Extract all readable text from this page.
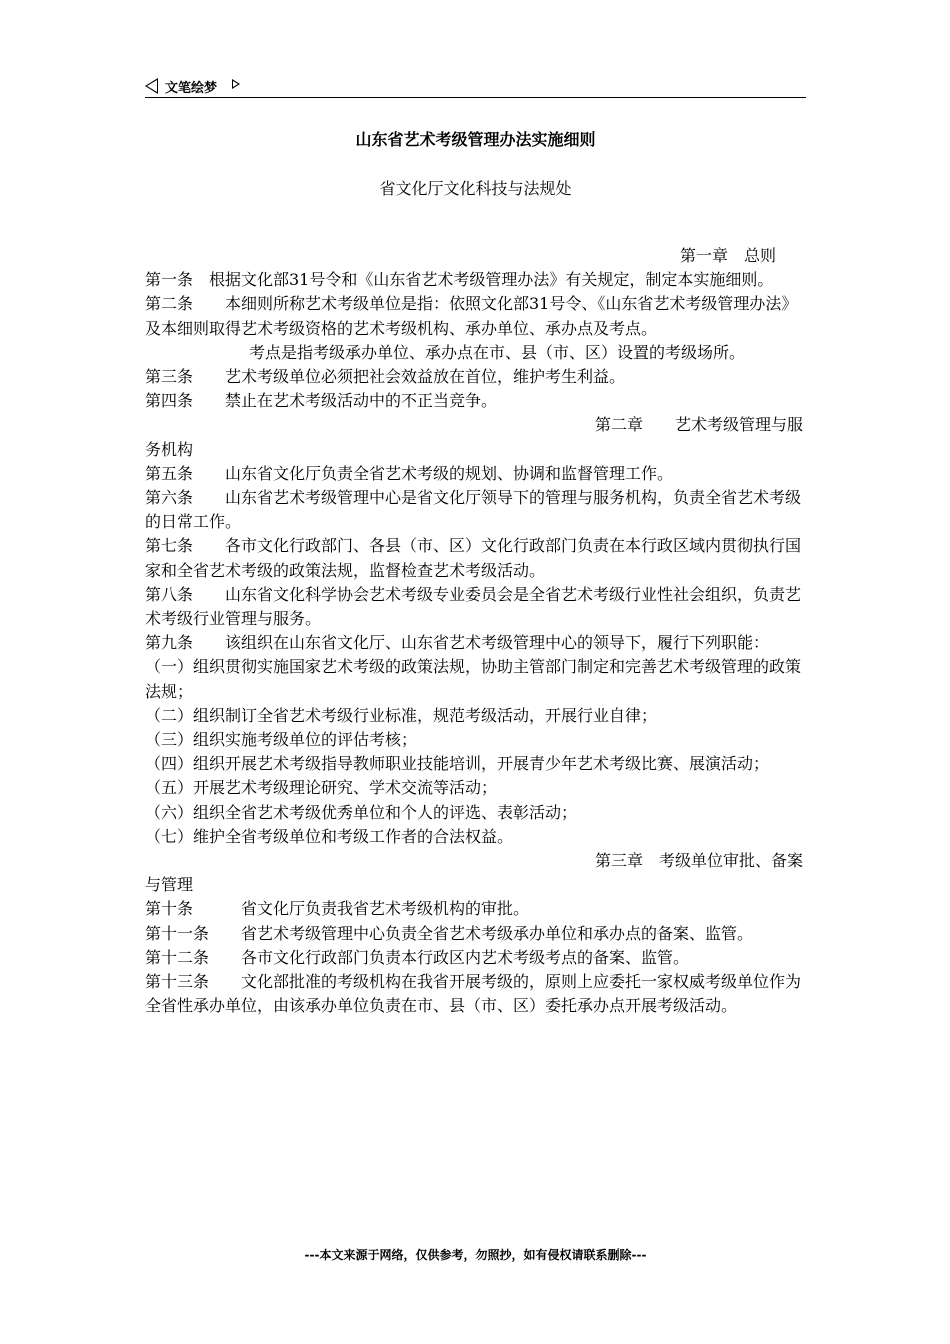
文笔绘梦
山东省艺术考级管理办法实施细则
省文化厅文化科技与法规处

第一章　总则

第一条　根据文化部31号令和《山东省艺术考级管理办法》有关规定，制定本实施细则。

第二条　　本细则所称艺术考级单位是指：依照文化部31号令、《山东省艺术考级管理办法》及本细则取得艺术考级资格的艺术考级机构、承办单位、承办点及考点。

考点是指考级承办单位、承办点在市、县（市、区）设置的考级场所。

第三条　　艺术考级单位必须把社会效益放在首位，维护考生利益。

第四条　　禁止在艺术考级活动中的不正当竞争。

第二章　　艺术考级管理与服务机构

第五条　　山东省文化厅负责全省艺术考级的规划、协调和监督管理工作。

第六条　　山东省艺术考级管理中心是省文化厅领导下的管理与服务机构，负责全省艺术考级的日常工作。

第七条　　各市文化行政部门、各县（市、区）文化行政部门负责在本行政区域内贯彻执行国家和全省艺术考级的政策法规，监督检查艺术考级活动。

第八条　　山东省文化科学协会艺术考级专业委员会是全省艺术考级行业性社会组织，负责艺术考级行业管理与服务。

第九条　　该组织在山东省文化厅、山东省艺术考级管理中心的领导下，履行下列职能：

（一）组织贯彻实施国家艺术考级的政策法规，协助主管部门制定和完善艺术考级管理的政策法规；

（二）组织制订全省艺术考级行业标准，规范考级活动，开展行业自律；

（三）组织实施考级单位的评估考核；

（四）组织开展艺术考级指导教师职业技能培训，开展青少年艺术考级比赛、展演活动；

（五）开展艺术考级理论研究、学术交流等活动；

（六）组织全省艺术考级优秀单位和个人的评选、表彰活动；

（七）维护全省考级单位和考级工作者的合法权益。

第三章　考级单位审批、备案与管理

第十条　　　省文化厅负责我省艺术考级机构的审批。

第十一条　　省艺术考级管理中心负责全省艺术考级承办单位和承办点的备案、监管。

第十二条　　各市文化行政部门负责本行政区内艺术考级考点的备案、监管。

第十三条　　文化部批准的考级机构在我省开展考级的，原则上应委托一家权威考级单位作为全省性承办单位，由该承办单位负责在市、县（市、区）委托承办点开展考级活动。

---本文来源于网络，仅供参考，勿照抄，如有侵权请联系删除---
